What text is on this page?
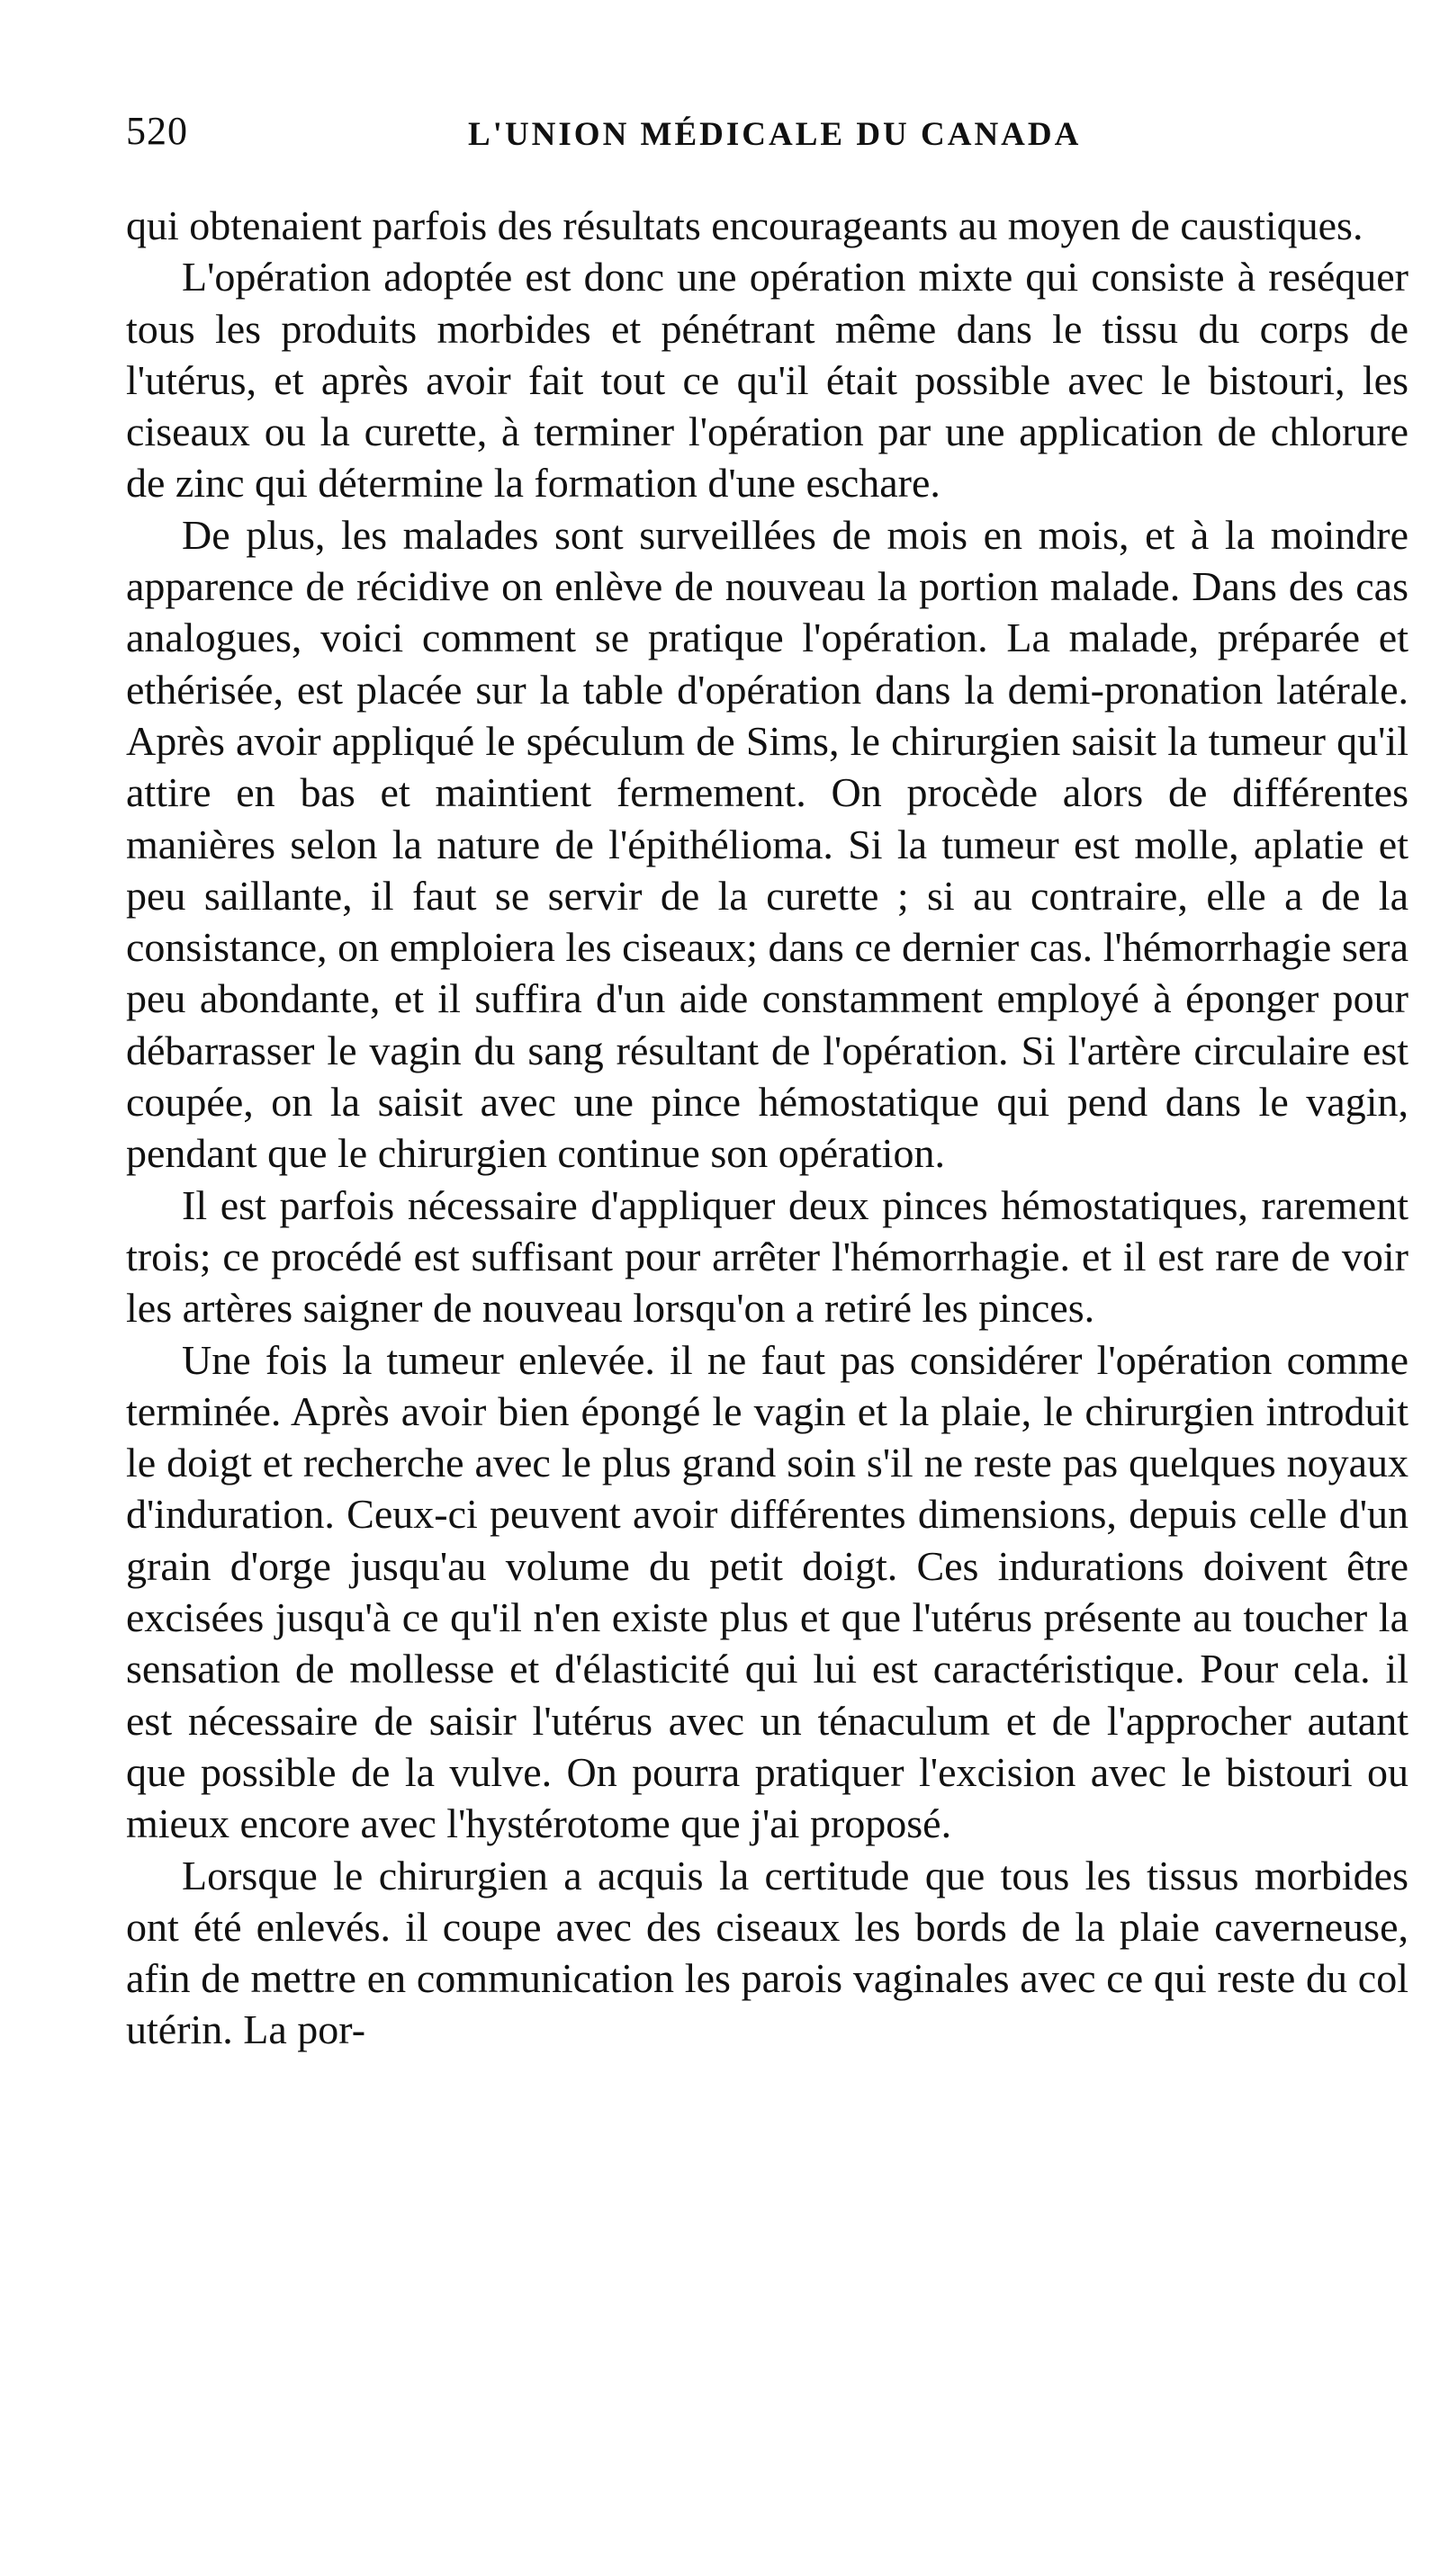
520	L'UNION MÉDICALE DU CANADA

qui obtenaient parfois des résultats encourageants au moyen de caustiques.

L'opération adoptée est donc une opération mixte qui consiste à reséquer tous les produits morbides et pénétrant même dans le tissu du corps de l'utérus, et après avoir fait tout ce qu'il était possible avec le bistouri, les ciseaux ou la curette, à terminer l'opération par une application de chlorure de zinc qui détermine la formation d'une eschare.

De plus, les malades sont surveillées de mois en mois, et à la moindre apparence de récidive on enlève de nouveau la portion malade. Dans des cas analogues, voici comment se pratique l'opération. La malade, préparée et ethérisée, est placée sur la table d'opération dans la demi-pronation latérale. Après avoir appliqué le spéculum de Sims, le chirurgien saisit la tumeur qu'il attire en bas et maintient fermement. On procède alors de différentes manières selon la nature de l'épithélioma. Si la tumeur est molle, aplatie et peu saillante, il faut se servir de la curette ; si au contraire, elle a de la consistance, on emploiera les ciseaux; dans ce dernier cas. l'hémorrhagie sera peu abondante, et il suffira d'un aide constamment employé à éponger pour débarrasser le vagin du sang résultant de l'opération. Si l'artère circulaire est coupée, on la saisit avec une pince hémostatique qui pend dans le vagin, pendant que le chirurgien continue son opération.

Il est parfois nécessaire d'appliquer deux pinces hémostatiques, rarement trois; ce procédé est suffisant pour arrêter l'hémorrhagie. et il est rare de voir les artères saigner de nouveau lorsqu'on a retiré les pinces.

Une fois la tumeur enlevée. il ne faut pas considérer l'opération comme terminée. Après avoir bien épongé le vagin et la plaie, le chirurgien introduit le doigt et recherche avec le plus grand soin s'il ne reste pas quelques noyaux d'induration. Ceux-ci peuvent avoir différentes dimensions, depuis celle d'un grain d'orge jusqu'au volume du petit doigt. Ces indurations doivent être excisées jusqu'à ce qu'il n'en existe plus et que l'utérus présente au toucher la sensation de mollesse et d'élasticité qui lui est caractéristique. Pour cela. il est nécessaire de saisir l'utérus avec un ténaculum et de l'approcher autant que possible de la vulve. On pourra pratiquer l'excision avec le bistouri ou mieux encore avec l'hystérotome que j'ai proposé.

Lorsque le chirurgien a acquis la certitude que tous les tissus morbides ont été enlevés. il coupe avec des ciseaux les bords de la plaie caverneuse, afin de mettre en communication les parois vaginales avec ce qui reste du col utérin. La por-
